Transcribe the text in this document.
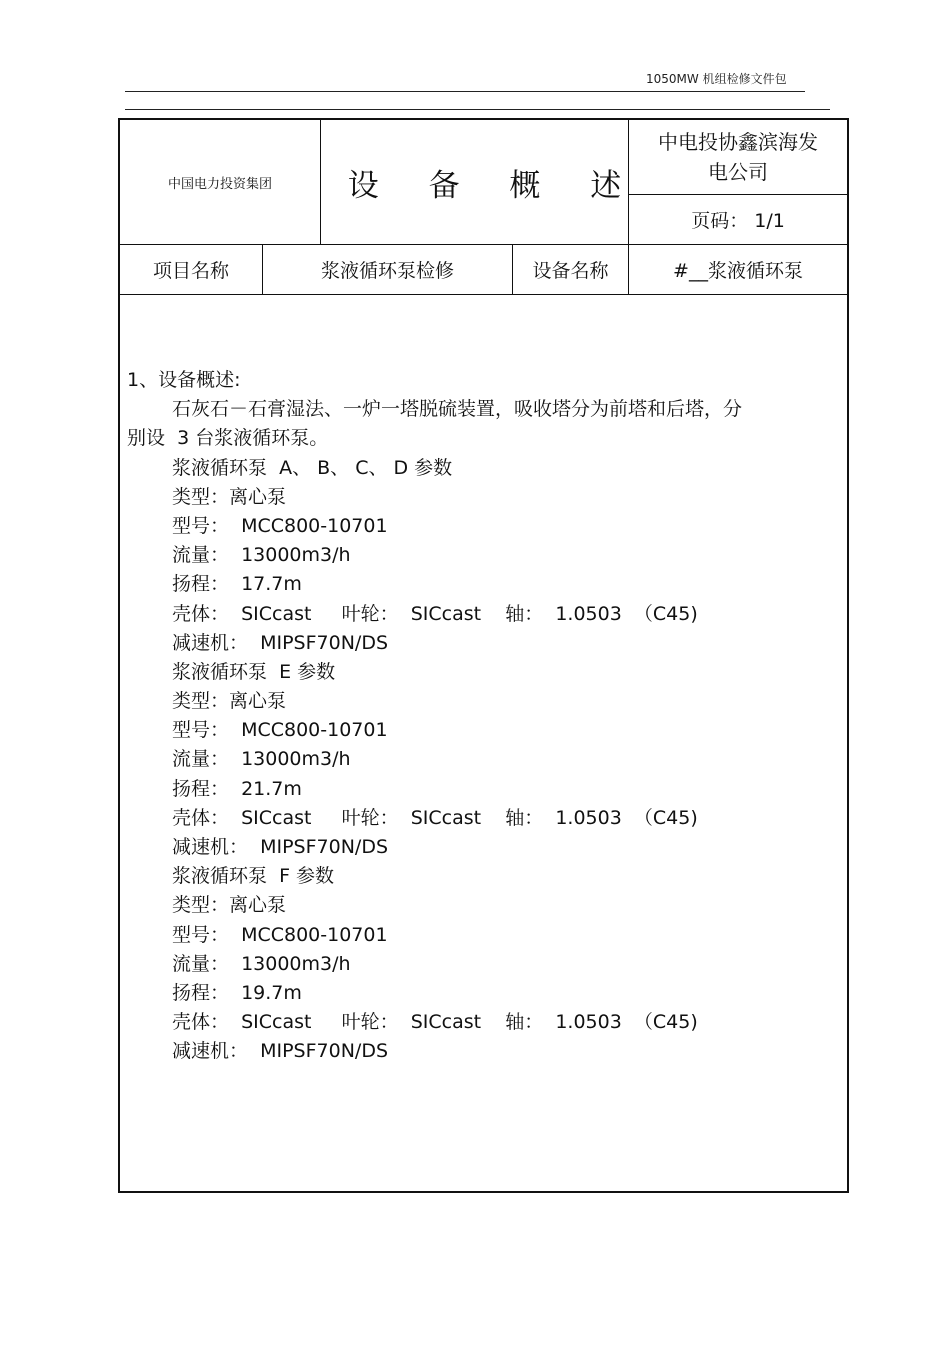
1050MW 机组检修文件包
中国电力投资集团	设 备 概 述
中电投协鑫滨海发
电公司
页码： 1/1
项目名称	浆液循环泵检修	设备名称	#__浆液循环泵
1、设备概述:
石灰石－石膏湿法、一炉一塔脱硫装置，吸收塔分为前塔和后塔，分
别设  3 台浆液循环泵。
浆液循环泵  A、 B、 C、 D 参数
类型：离心泵
型号：  MCC800-10701
流量：  13000m3/h
扬程：  17.7m
壳体：  SICcast     叶轮：  SICcast    轴：  1.0503  （C45)
减速机：  MIPSF70N/DS
浆液循环泵  E 参数
类型：离心泵
型号：  MCC800-10701
流量：  13000m3/h
扬程：  21.7m
壳体：  SICcast     叶轮：  SICcast    轴：  1.0503  （C45)
减速机：  MIPSF70N/DS
浆液循环泵  F 参数
类型：离心泵
型号：  MCC800-10701
流量：  13000m3/h
扬程：  19.7m
壳体：  SICcast     叶轮：  SICcast    轴：  1.0503  （C45)
减速机：  MIPSF70N/DS
